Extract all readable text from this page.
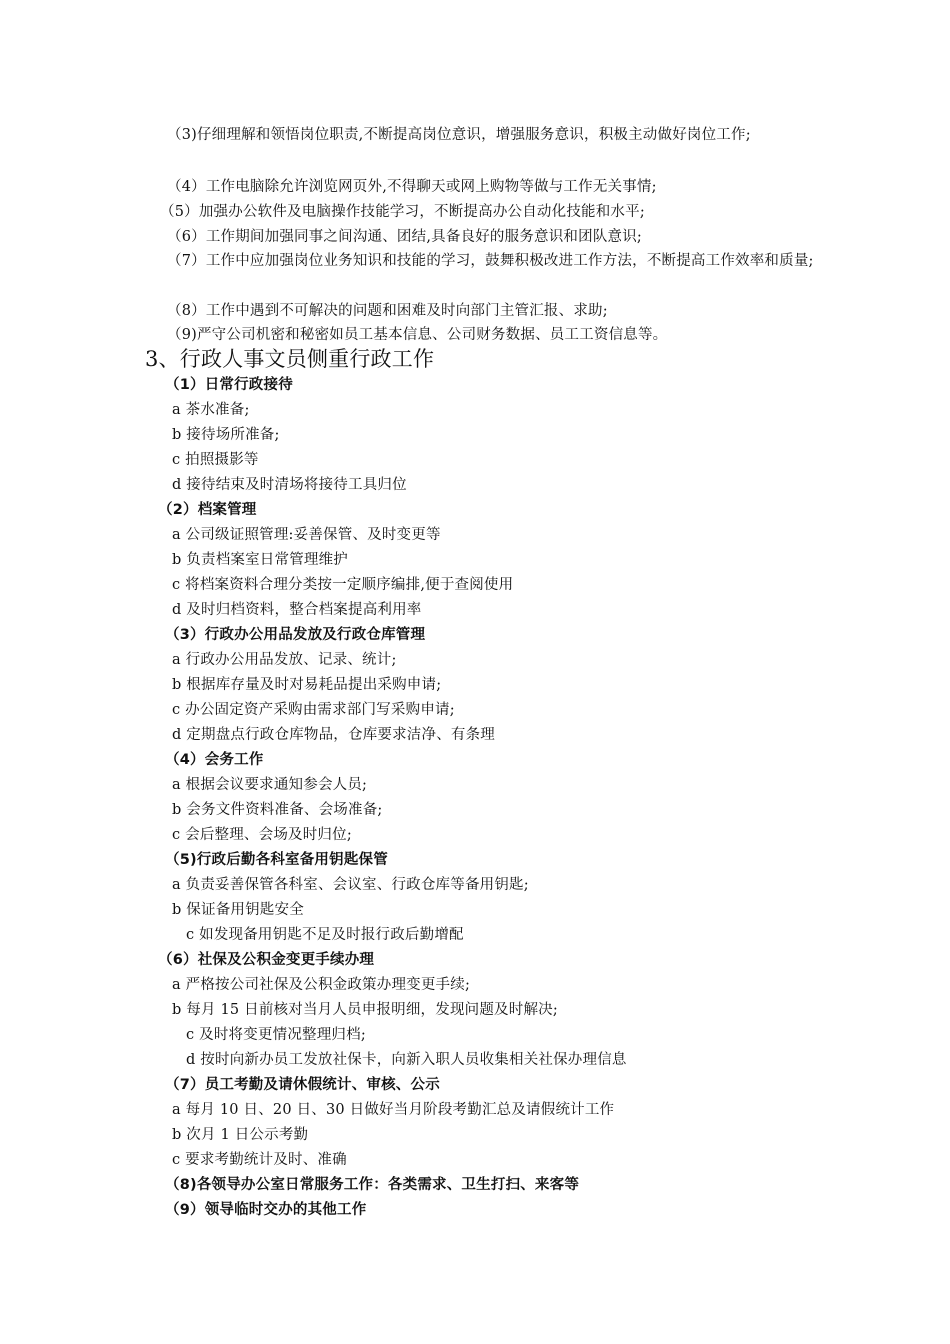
（3)仔细理解和领悟岗位职责,不断提高岗位意识，增强服务意识，积极主动做好岗位工作;
（4）工作电脑除允许浏览网页外,不得聊天或网上购物等做与工作无关事情;
（5）加强办公软件及电脑操作技能学习，不断提高办公自动化技能和水平;
（6）工作期间加强同事之间沟通、团结,具备良好的服务意识和团队意识;
（7）工作中应加强岗位业务知识和技能的学习，鼓舞积极改进工作方法，不断提高工作效率和质量;
（8）工作中遇到不可解决的问题和困难及时向部门主管汇报、求助;
（9)严守公司机密和秘密如员工基本信息、公司财务数据、员工工资信息等。
3、行政人事文员侧重行政工作
（1）日常行政接待
a 茶水准备;
b 接待场所准备;
c 拍照摄影等
d 接待结束及时清场将接待工具归位
（2）档案管理
a 公司级证照管理:妥善保管、及时变更等
b 负责档案室日常管理维护
c 将档案资料合理分类按一定顺序编排,便于查阅使用
d 及时归档资料，整合档案提高利用率
（3）行政办公用品发放及行政仓库管理
a 行政办公用品发放、记录、统计;
b 根据库存量及时对易耗品提出采购申请;
c 办公固定资产采购由需求部门写采购申请;
d 定期盘点行政仓库物品，仓库要求洁净、有条理
（4）会务工作
a 根据会议要求通知参会人员;
b 会务文件资料准备、会场准备;
c 会后整理、会场及时归位;
（5)行政后勤各科室备用钥匙保管
a 负责妥善保管各科室、会议室、行政仓库等备用钥匙;
b 保证备用钥匙安全
c 如发现备用钥匙不足及时报行政后勤增配
（6）社保及公积金变更手续办理
a 严格按公司社保及公积金政策办理变更手续;
b 每月 15 日前核对当月人员申报明细，发现问题及时解决;
c 及时将变更情况整理归档;
d 按时向新办员工发放社保卡，向新入职人员收集相关社保办理信息
（7）员工考勤及请休假统计、审核、公示
a 每月 10 日、20 日、30 日做好当月阶段考勤汇总及请假统计工作
b 次月 1 日公示考勤
c 要求考勤统计及时、准确
（8)各领导办公室日常服务工作：各类需求、卫生打扫、来客等
（9）领导临时交办的其他工作
